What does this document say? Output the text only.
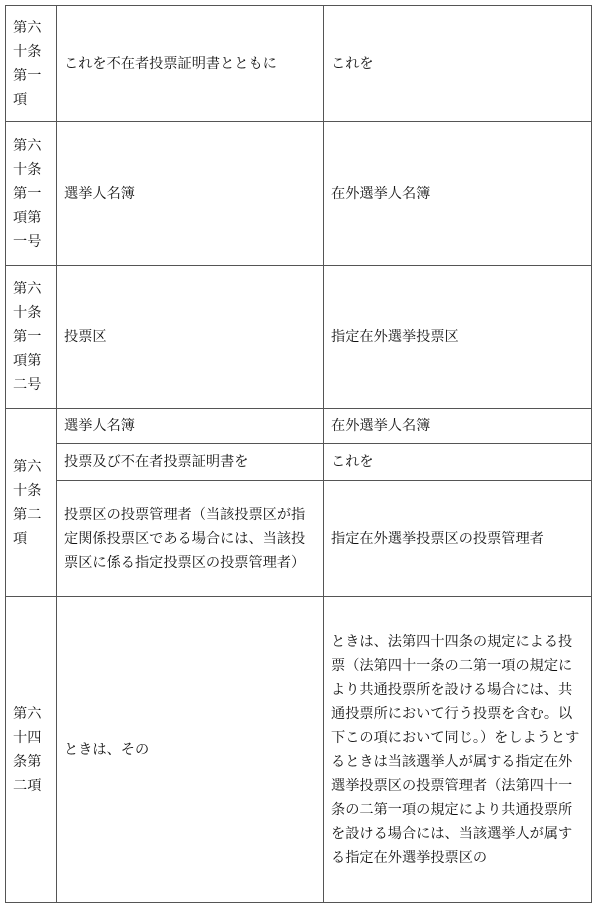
第六十条第一項	これを不在者投票証明書とともに	これを

第六十条第一項第一号	選挙人名簿	在外選挙人名簿

第六十条第一項第二号	投票区	指定在外選挙投票区

第六十条第二項	選挙人名簿	在外選挙人名簿

	投票及び不在者投票証明書を	これを

	投票区の投票管理者（当該投票区が指定関係投票区である場合には、当該投票区に係る指定投票区の投票管理者）	指定在外選挙投票区の投票管理者

第六十四条第二項	ときは、その	ときは、法第四十四条の規定による投票（法第四十一条の二第一項の規定により共通投票所を設ける場合には、共通投票所において行う投票を含む。以下この項において同じ。）をしようとするときは当該選挙人が属する指定在外選挙投票区の投票管理者（法第四十一条の二第一項の規定により共通投票所を設ける場合には、当該選挙人が属する指定在外選挙投票区の
